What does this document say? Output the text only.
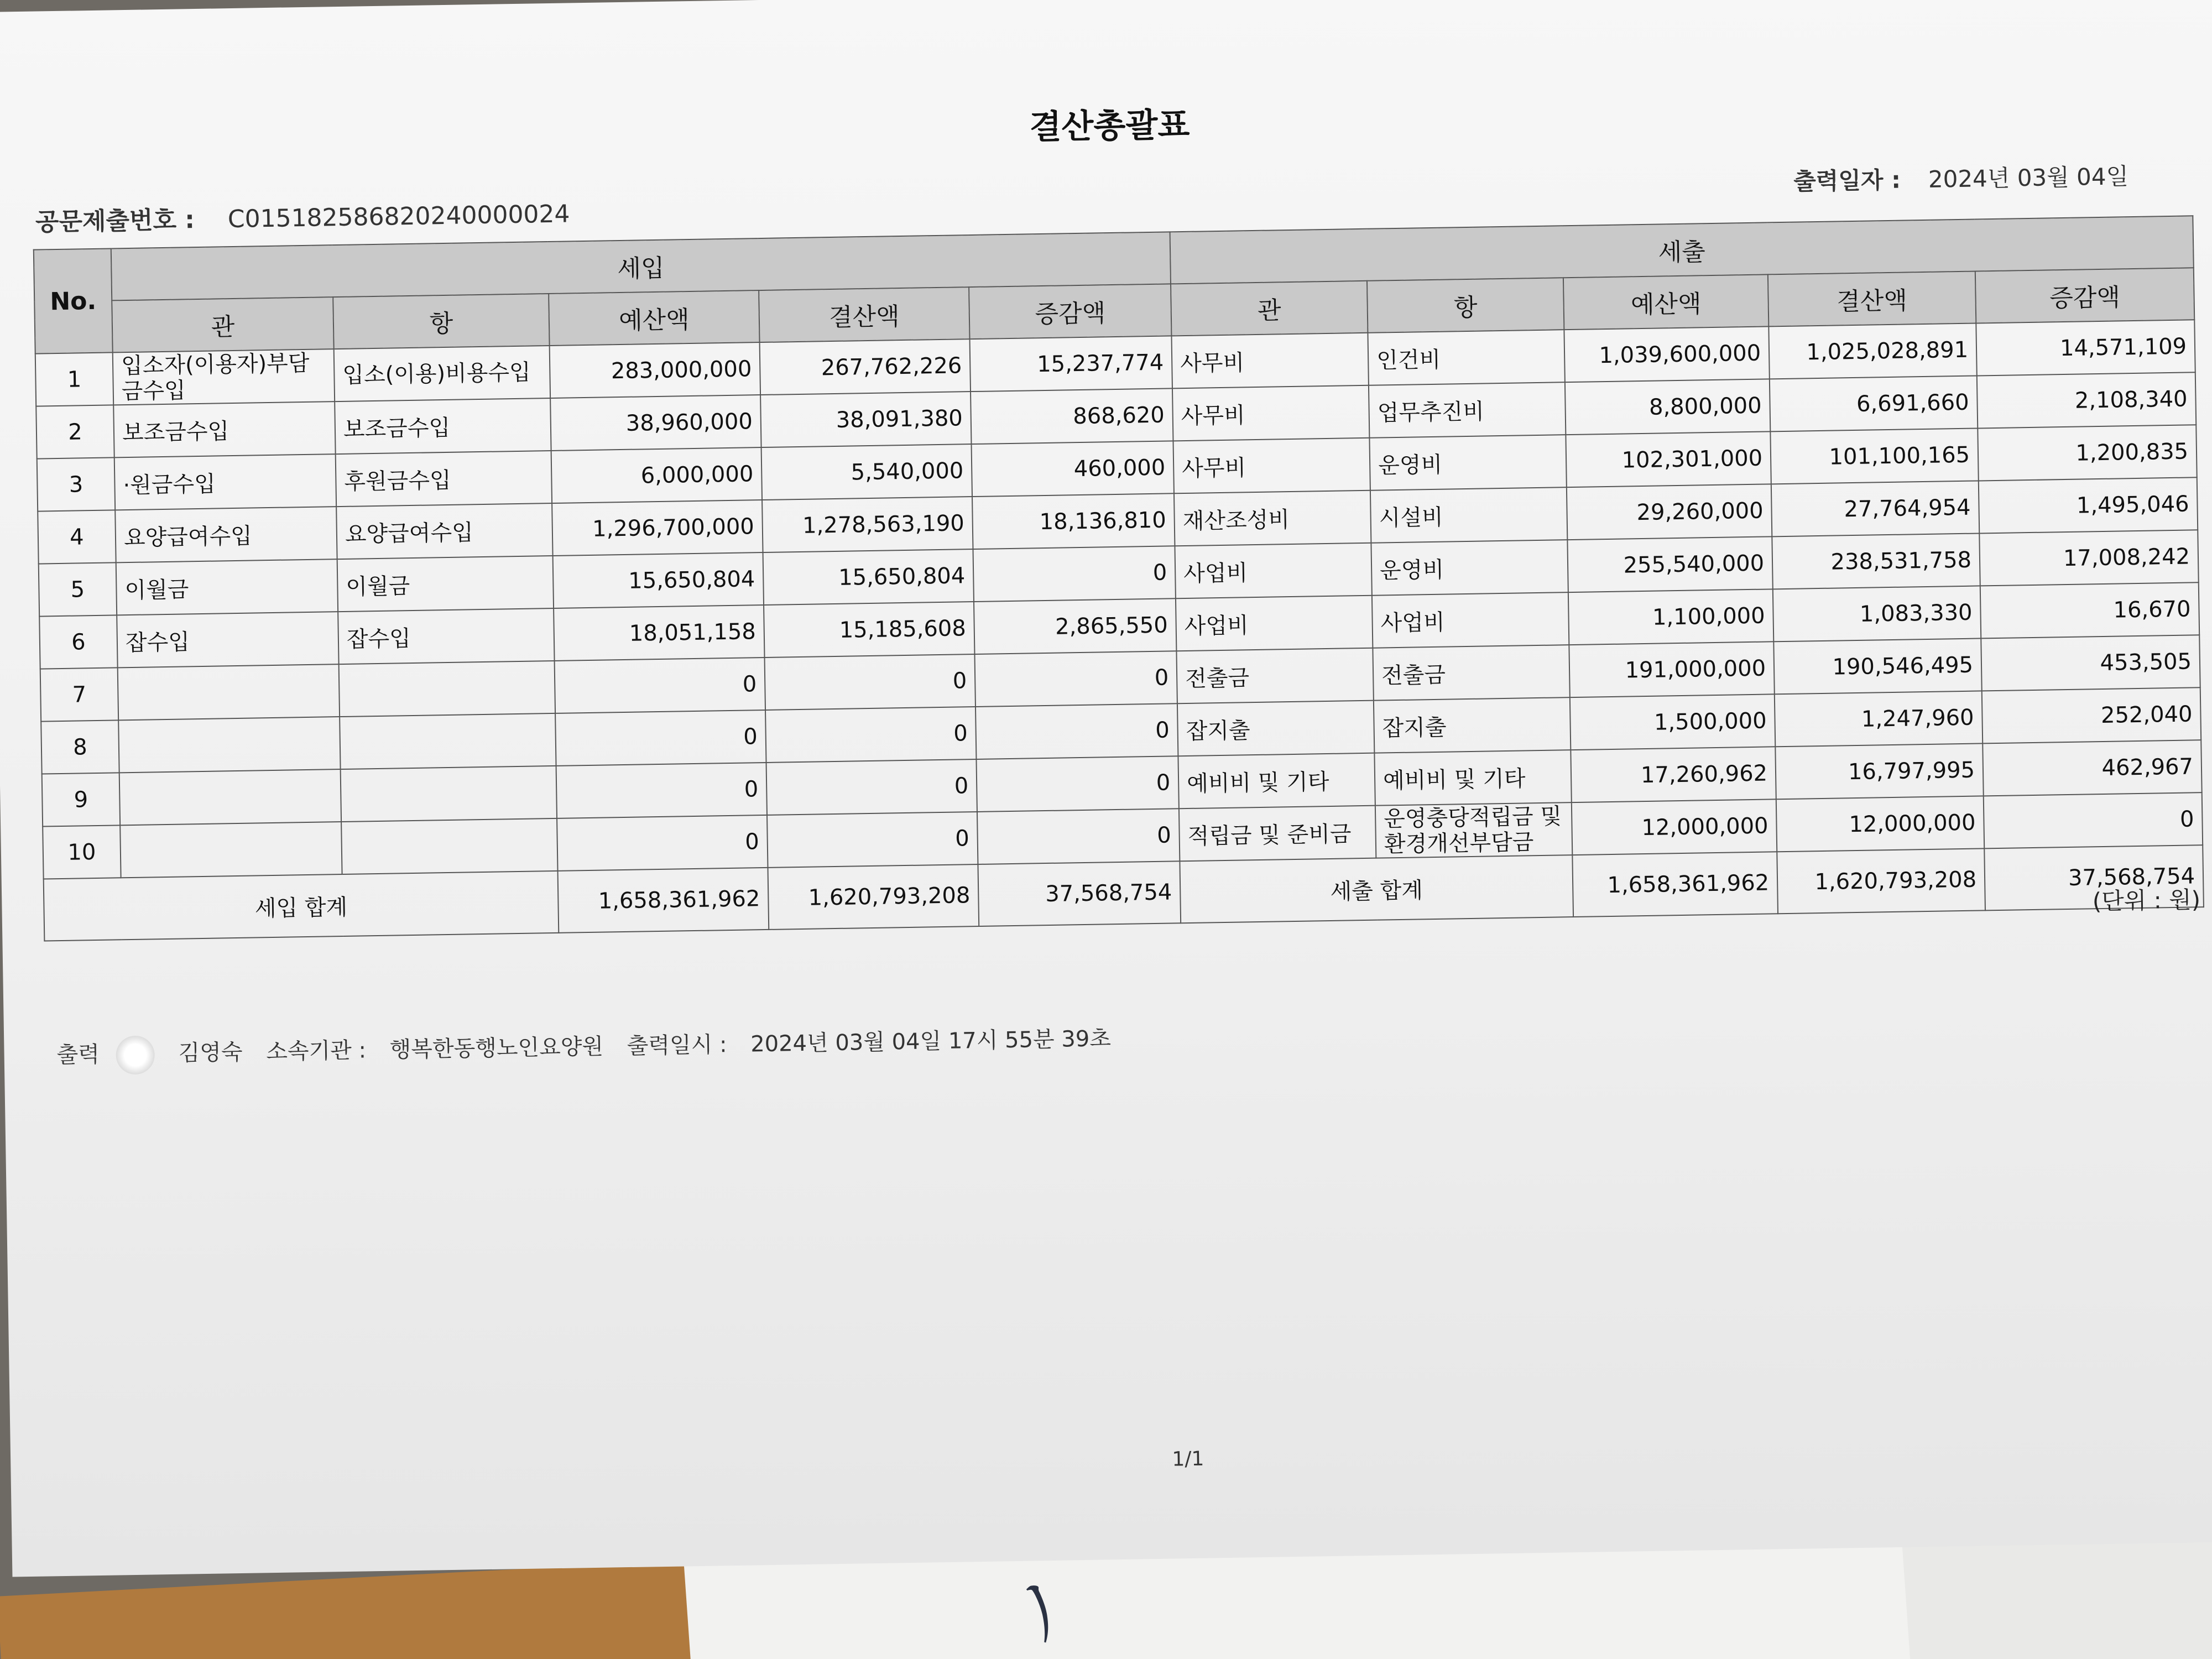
ﾉ
결산총괄표
공문제출번호 : C015182586820240000024
출력일자 : 2024년 03월 04일
No.	세입					세출				
	관	항	예산액	결산액	증감액	관	항	예산액	결산액	증감액
1	입소자(이용자)부담금수입	입소(이용)비용수입	283,000,000	267,762,226	15,237,774	사무비	인건비	1,039,600,000	1,025,028,891	14,571,109
2	보조금수입	보조금수입	38,960,000	38,091,380	868,620	사무비	업무추진비	8,800,000	6,691,660	2,108,340
3	·원금수입	후원금수입	6,000,000	5,540,000	460,000	사무비	운영비	102,301,000	101,100,165	1,200,835
4	요양급여수입	요양급여수입	1,296,700,000	1,278,563,190	18,136,810	재산조성비	시설비	29,260,000	27,764,954	1,495,046
5	이월금	이월금	15,650,804	15,650,804	0	사업비	운영비	255,540,000	238,531,758	17,008,242
6	잡수입	잡수입	18,051,158	15,185,608	2,865,550	사업비	사업비	1,100,000	1,083,330	16,670
7			0	0	0	전출금	전출금	191,000,000	190,546,495	453,505
8			0	0	0	잡지출	잡지출	1,500,000	1,247,960	252,040
9			0	0	0	예비비 및 기타	예비비 및 기타	17,260,962	16,797,995	462,967
10			0	0	0	적립금 및 준비금	운영충당적립금 및 환경개선부담금	12,000,000	12,000,000	0
세입 합계			1,658,361,962	1,620,793,208	37,568,754	세출 합계		1,658,361,962	1,620,793,208	37,568,754
(단위 : 원)
출력	김영숙 소속기관 : 행복한동행노인요양원 출력일시 : 2024년 03월 04일 17시 55분 39초
1/1
